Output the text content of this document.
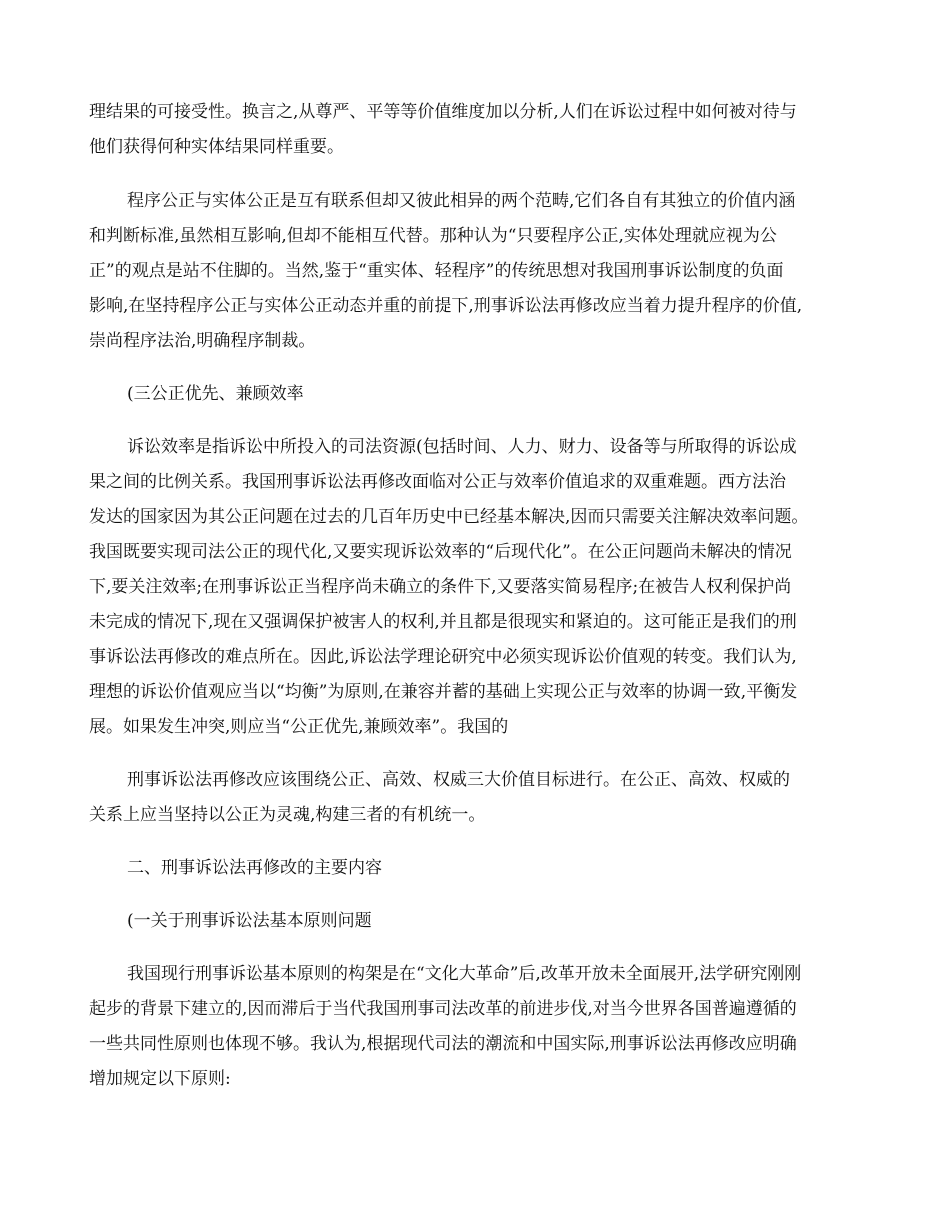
理结果的可接受性。换言之,从尊严、平等等价值维度加以分析,人们在诉讼过程中如何被对待与
他们获得何种实体结果同样重要。
程序公正与实体公正是互有联系但却又彼此相异的两个范畴,它们各自有其独立的价值内涵
和判断标准,虽然相互影响,但却不能相互代替。那种认为“只要程序公正,实体处理就应视为公
正”的观点是站不住脚的。当然,鉴于“重实体、轻程序”的传统思想对我国刑事诉讼制度的负面
影响,在坚持程序公正与实体公正动态并重的前提下,刑事诉讼法再修改应当着力提升程序的价值,
崇尚程序法治,明确程序制裁。
(三公正优先、兼顾效率
诉讼效率是指诉讼中所投入的司法资源(包括时间、人力、财力、设备等与所取得的诉讼成
果之间的比例关系。我国刑事诉讼法再修改面临对公正与效率价值追求的双重难题。西方法治
发达的国家因为其公正问题在过去的几百年历史中已经基本解决,因而只需要关注解决效率问题。
我国既要实现司法公正的现代化,又要实现诉讼效率的“后现代化”。在公正问题尚未解决的情况
下,要关注效率;在刑事诉讼正当程序尚未确立的条件下,又要落实简易程序;在被告人权利保护尚
未完成的情况下,现在又强调保护被害人的权利,并且都是很现实和紧迫的。这可能正是我们的刑
事诉讼法再修改的难点所在。因此,诉讼法学理论研究中必须实现诉讼价值观的转变。我们认为,
理想的诉讼价值观应当以“均衡”为原则,在兼容并蓄的基础上实现公正与效率的协调一致,平衡发
展。如果发生冲突,则应当“公正优先,兼顾效率”。我国的
刑事诉讼法再修改应该围绕公正、高效、权威三大价值目标进行。在公正、高效、权威的
关系上应当坚持以公正为灵魂,构建三者的有机统一。
二、刑事诉讼法再修改的主要内容
(一关于刑事诉讼法基本原则问题
我国现行刑事诉讼基本原则的构架是在“文化大革命”后,改革开放未全面展开,法学研究刚刚
起步的背景下建立的,因而滞后于当代我国刑事司法改革的前进步伐,对当今世界各国普遍遵循的
一些共同性原则也体现不够。我认为,根据现代司法的潮流和中国实际,刑事诉讼法再修改应明确
增加规定以下原则:
